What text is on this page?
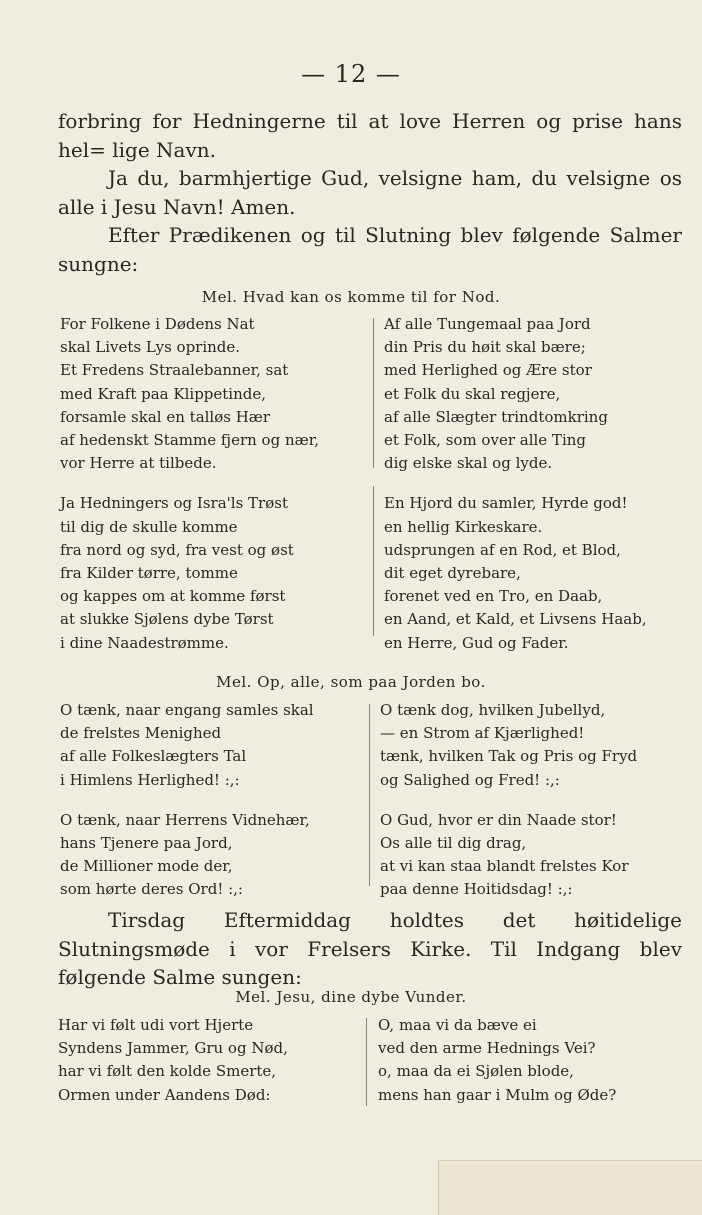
— 12 —

forbring for Hedningerne til at love Herren og prise hans hel= lige Navn.

Ja du, barmhjertige Gud, velsigne ham, du velsigne os alle i Jesu Navn! Amen.

Efter Prædikenen og til Slutning blev følgende Salmer sungne:

Mel. Hvad kan os komme til for Nod.
For Folkene i Dødens Nat
skal Livets Lys oprinde.
Et Fredens Straalebanner, sat
med Kraft paa Klippetinde,
forsamle skal en talløs Hær
af hedenskt Stamme fjern og nær,
vor Herre at tilbede.
Ja Hedningers og Isra'ls Trøst
til dig de skulle komme
fra nord og syd, fra vest og øst
fra Kilder tørre, tomme
og kappes om at komme først
at slukke Sjølens dybe Tørst
i dine Naadestrømme.
Af alle Tungemaal paa Jord
din Pris du høit skal bære;
med Herlighed og Ære stor
et Folk du skal regjere,
af alle Slægter trindtomkring
et Folk, som over alle Ting
dig elske skal og lyde.
En Hjord du samler, Hyrde god!
en hellig Kirkeskare.
udsprungen af en Rod, et Blod,
dit eget dyrebare,
forenet ved en Tro, en Daab,
en Aand, et Kald, et Livsens Haab,
en Herre, Gud og Fader.
Mel. Op, alle, som paa Jorden bo.
O tænk, naar engang samles skal
de frelstes Menighed
af alle Folkeslægters Tal
i Himlens Herlighed! :,:
O tænk, naar Herrens Vidnehær,
hans Tjenere paa Jord,
de Millioner mode der,
som hørte deres Ord! :,:
O tænk dog, hvilken Jubellyd,
— en Strom af Kjærlighed!
tænk, hvilken Tak og Pris og Fryd
og Salighed og Fred! :,:
O Gud, hvor er din Naade stor!
Os alle til dig drag,
at vi kan staa blandt frelstes Kor
paa denne Hoitidsdag! :,:

Tirsdag Eftermiddag holdtes det høitidelige Slutningsmøde i vor Frelsers Kirke. Til Indgang blev følgende Salme sungen:

Mel. Jesu, dine dybe Vunder.
Har vi følt udi vort Hjerte
Syndens Jammer, Gru og Nød,
har vi følt den kolde Smerte,
Ormen under Aandens Død:
O, maa vi da bæve ei
ved den arme Hednings Vei?
o, maa da ei Sjølen blode,
mens han gaar i Mulm og Øde?
